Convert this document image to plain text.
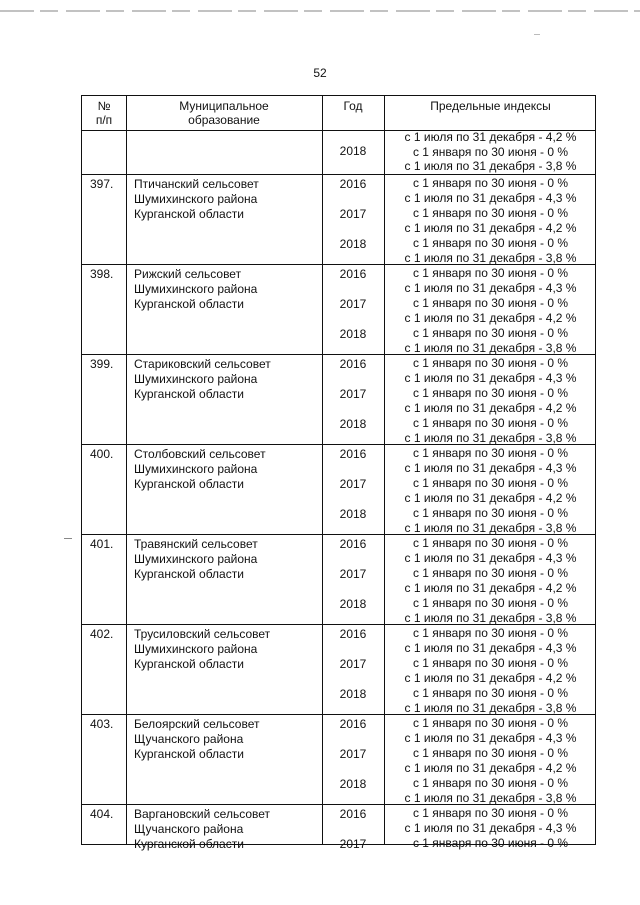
52
№
п/п
Муниципальное
образование
Год	Предельные индексы
с 1 июля по 31 декабря - 4,2 %
2018	с 1 января по 30 июня - 0 %
с 1 июля по 31 декабря - 3,8 %
397. Птичанский сельсовет
Шумихинского района
Курганской области
2016	с 1 января по 30 июня - 0 %
с 1 июля по 31 декабря - 4,3 %
2017	с 1 января по 30 июня - 0 %
с 1 июля по 31 декабря - 4,2 %
2018	с 1 января по 30 июня - 0 %
с 1 июля по 31 декабря - 3,8 %
398. Рижский сельсовет
Шумихинского района
Курганской области
2016	с 1 января по 30 июня - 0 %
с 1 июля по 31 декабря - 4,3 %
2017	с 1 января по 30 июня - 0 %
с 1 июля по 31 декабря - 4,2 %
2018	с 1 января по 30 июня - 0 %
с 1 июля по 31 декабря - 3,8 %
399. Стариковский сельсовет
Шумихинского района
Курганской области
2016	с 1 января по 30 июня - 0 %
с 1 июля по 31 декабря - 4,3 %
2017	с 1 января по 30 июня - 0 %
с 1 июля по 31 декабря - 4,2 %
2018	с 1 января по 30 июня - 0 %
с 1 июля по 31 декабря - 3,8 %
400. Столбовский сельсовет
Шумихинского района
Курганской области
2016	с 1 января по 30 июня - 0 %
с 1 июля по 31 декабря - 4,3 %
2017	с 1 января по 30 июня - 0 %
с 1 июля по 31 декабря - 4,2 %
2018	с 1 января по 30 июня - 0 %
с 1 июля по 31 декабря - 3,8 %
401. Травянский сельсовет
Шумихинского района
Курганской области
2016	с 1 января по 30 июня - 0 %
с 1 июля по 31 декабря - 4,3 %
2017	с 1 января по 30 июня - 0 %
с 1 июля по 31 декабря - 4,2 %
2018	с 1 января по 30 июня - 0 %
с 1 июля по 31 декабря - 3,8 %
402. Трусиловский сельсовет
Шумихинского района
Курганской области
2016	с 1 января по 30 июня - 0 %
с 1 июля по 31 декабря - 4,3 %
2017	с 1 января по 30 июня - 0 %
с 1 июля по 31 декабря - 4,2 %
2018	с 1 января по 30 июня - 0 %
с 1 июля по 31 декабря - 3,8 %
403. Белоярский сельсовет
Щучанского района
Курганской области
2016	с 1 января по 30 июня - 0 %
с 1 июля по 31 декабря - 4,3 %
2017	с 1 января по 30 июня - 0 %
с 1 июля по 31 декабря - 4,2 %
2018	с 1 января по 30 июня - 0 %
с 1 июля по 31 декабря - 3,8 %
404. Варгановский сельсовет
Щучанского района
Курганской области
2016	с 1 января по 30 июня - 0 %
с 1 июля по 31 декабря - 4,3 %
2017	с 1 января по 30 июня - 0 %
